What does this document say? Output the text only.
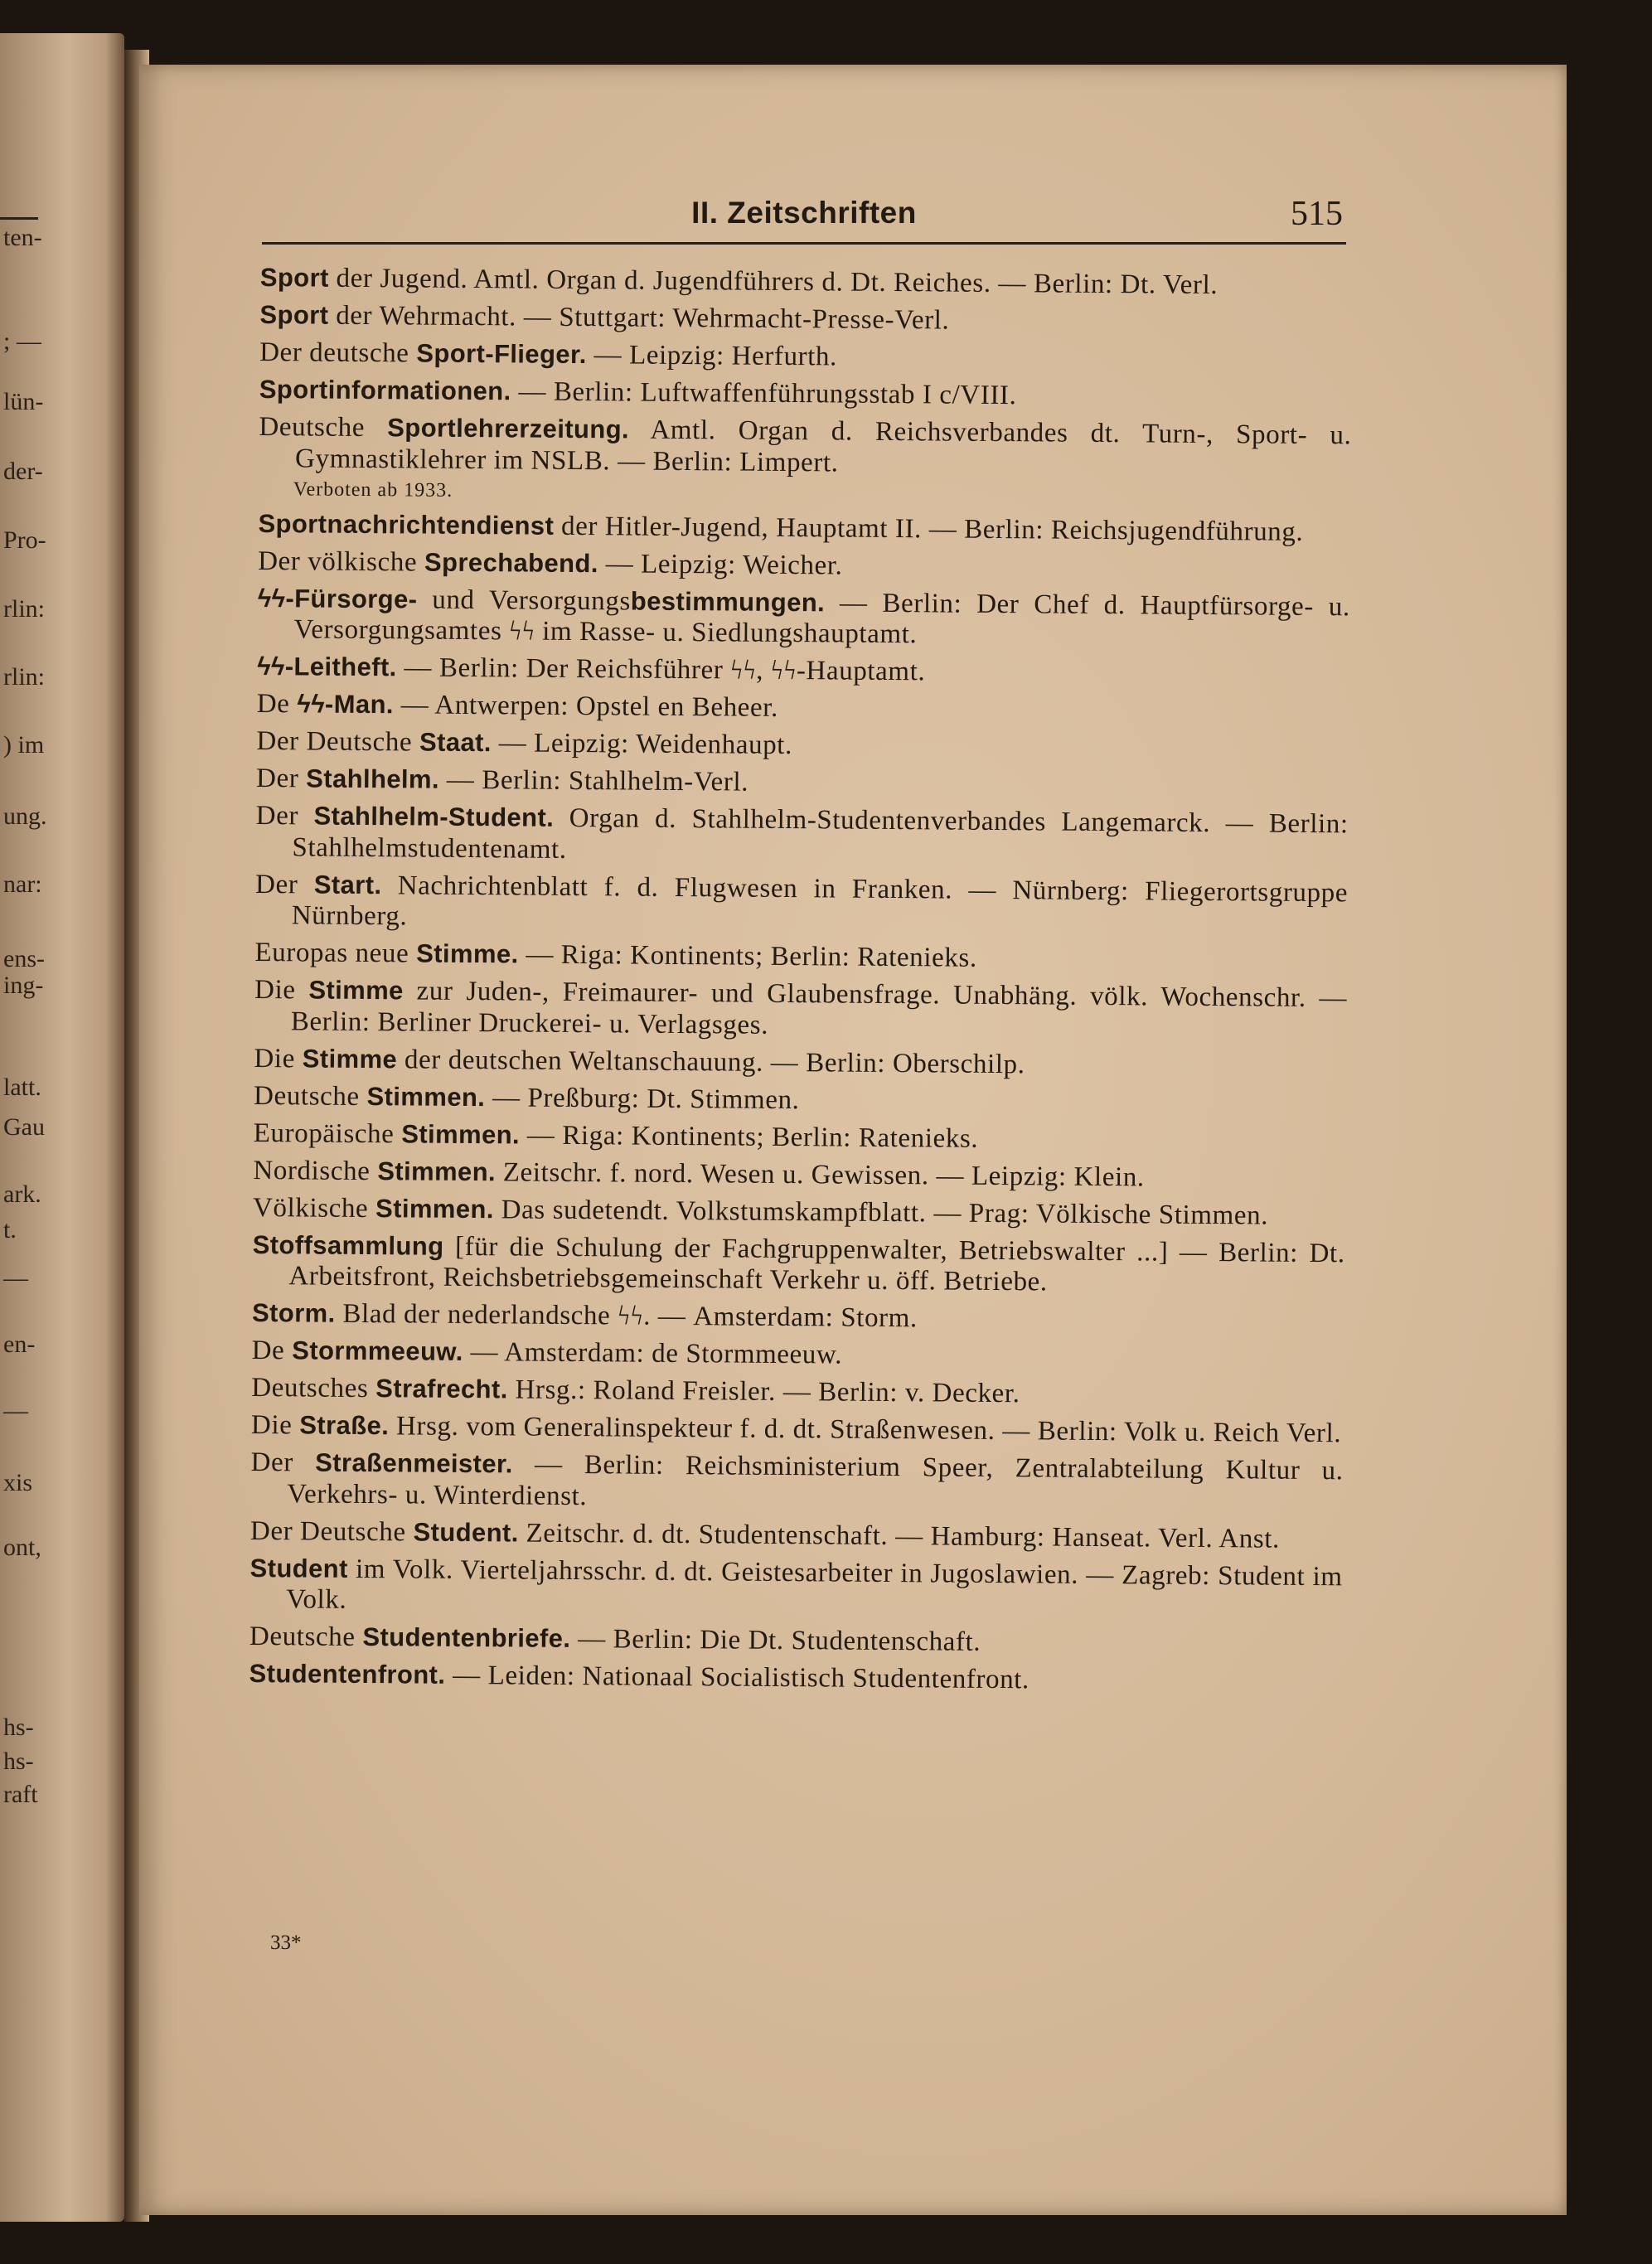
ten-
; —
lün-
der-
Pro-
rlin:
rlin:
) im
ung.
nar:
ens-
ing-
latt.
Gau
ark.
t.
—
en-
—
xis
ont,
hs-
hs-
raft
II. Zeitschriften	515
Sport der Jugend. Amtl. Organ d. Jugendführers d. Dt. Reiches. — Berlin: Dt. Verl.
Sport der Wehrmacht. — Stuttgart: Wehrmacht-Presse-Verl.
Der deutsche Sport-Flieger. — Leipzig: Herfurth.
Sportinformationen. — Berlin: Luftwaffenführungsstab I c/VIII.
Deutsche Sportlehrerzeitung. Amtl. Organ d. Reichsverbandes dt. Turn-, Sport- u. Gymnastiklehrer im NSLB. — Berlin: Limpert.
Verboten ab 1933.
Sportnachrichtendienst der Hitler-Jugend, Hauptamt II. — Berlin: Reichsjugendführung.
Der völkische Sprechabend. — Leipzig: Weicher.
ϟϟ-Fürsorge- und Versorgungsbestimmungen. — Berlin: Der Chef d. Hauptfürsorge- u. Versorgungsamtes ϟϟ im Rasse- u. Siedlungshauptamt.
ϟϟ-Leitheft. — Berlin: Der Reichsführer ϟϟ, ϟϟ-Hauptamt.
De ϟϟ-Man. — Antwerpen: Opstel en Beheer.
Der Deutsche Staat. — Leipzig: Weidenhaupt.
Der Stahlhelm. — Berlin: Stahlhelm-Verl.
Der Stahlhelm-Student. Organ d. Stahlhelm-Studentenverbandes Langemarck. — Berlin: Stahlhelmstudentenamt.
Der Start. Nachrichtenblatt f. d. Flugwesen in Franken. — Nürnberg: Fliegerortsgruppe Nürnberg.
Europas neue Stimme. — Riga: Kontinents; Berlin: Ratenieks.
Die Stimme zur Juden-, Freimaurer- und Glaubensfrage. Unabhäng. völk. Wochenschr. — Berlin: Berliner Druckerei- u. Verlagsges.
Die Stimme der deutschen Weltanschauung. — Berlin: Oberschilp.
Deutsche Stimmen. — Preßburg: Dt. Stimmen.
Europäische Stimmen. — Riga: Kontinents; Berlin: Ratenieks.
Nordische Stimmen. Zeitschr. f. nord. Wesen u. Gewissen. — Leipzig: Klein.
Völkische Stimmen. Das sudetendt. Volkstumskampfblatt. — Prag: Völkische Stimmen.
Stoffsammlung [für die Schulung der Fachgruppenwalter, Betriebswalter ...] — Berlin: Dt. Arbeitsfront, Reichsbetriebsgemeinschaft Verkehr u. öff. Betriebe.
Storm. Blad der nederlandsche ϟϟ. — Amsterdam: Storm.
De Stormmeeuw. — Amsterdam: de Stormmeeuw.
Deutsches Strafrecht. Hrsg.: Roland Freisler. — Berlin: v. Decker.
Die Straße. Hrsg. vom Generalinspekteur f. d. dt. Straßenwesen. — Berlin: Volk u. Reich Verl.
Der Straßenmeister. — Berlin: Reichsministerium Speer, Zentralabteilung Kultur u. Verkehrs- u. Winterdienst.
Der Deutsche Student. Zeitschr. d. dt. Studentenschaft. — Hamburg: Hanseat. Verl. Anst.
Student im Volk. Vierteljahrsschr. d. dt. Geistesarbeiter in Jugoslawien. — Zagreb: Student im Volk.
Deutsche Studentenbriefe. — Berlin: Die Dt. Studentenschaft.
Studentenfront. — Leiden: Nationaal Socialistisch Studentenfront.
33*
